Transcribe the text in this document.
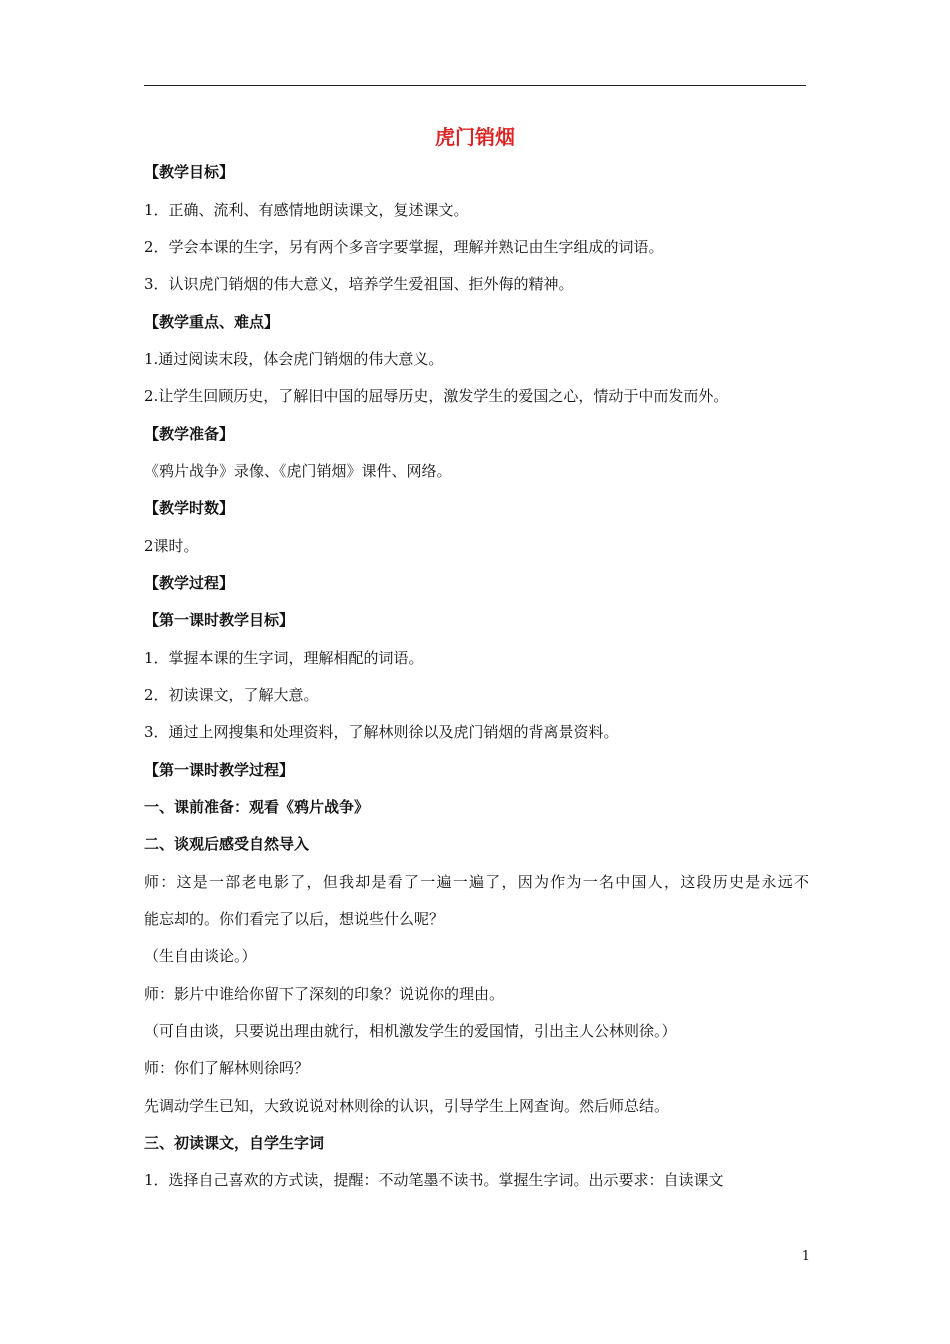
虎门销烟
【教学目标】
1．正确、流利、有感情地朗读课文，复述课文。
2．学会本课的生字，另有两个多音字要掌握，理解并熟记由生字组成的词语。
3．认识虎门销烟的伟大意义，培养学生爱祖国、拒外侮的精神。
【教学重点、难点】
1.通过阅读末段，体会虎门销烟的伟大意义。
2.让学生回顾历史，了解旧中国的屈辱历史，激发学生的爱国之心，情动于中而发而外。
【教学准备】
《鸦片战争》录像、《虎门销烟》课件、网络。
【教学时数】
2课时。
【教学过程】
【第一课时教学目标】
1．掌握本课的生字词，理解相配的词语。
2．初读课文，了解大意。
3．通过上网搜集和处理资料，了解林则徐以及虎门销烟的背离景资料。
【第一课时教学过程】
一、课前准备：观看《鸦片战争》
二、谈观后感受自然导入
师：这是一部老电影了，但我却是看了一遍一遍了，因为作为一名中国人，这段历史是永远不
能忘却的。你们看完了以后，想说些什么呢？
（生自由谈论。）
师：影片中谁给你留下了深刻的印象？说说你的理由。
（可自由谈，只要说出理由就行，相机激发学生的爱国情，引出主人公林则徐。）
师：你们了解林则徐吗？
先调动学生已知，大致说说对林则徐的认识，引导学生上网查询。然后师总结。
三、初读课文，自学生字词
1．选择自己喜欢的方式读，提醒：不动笔墨不读书。掌握生字词。出示要求：自读课文
1
